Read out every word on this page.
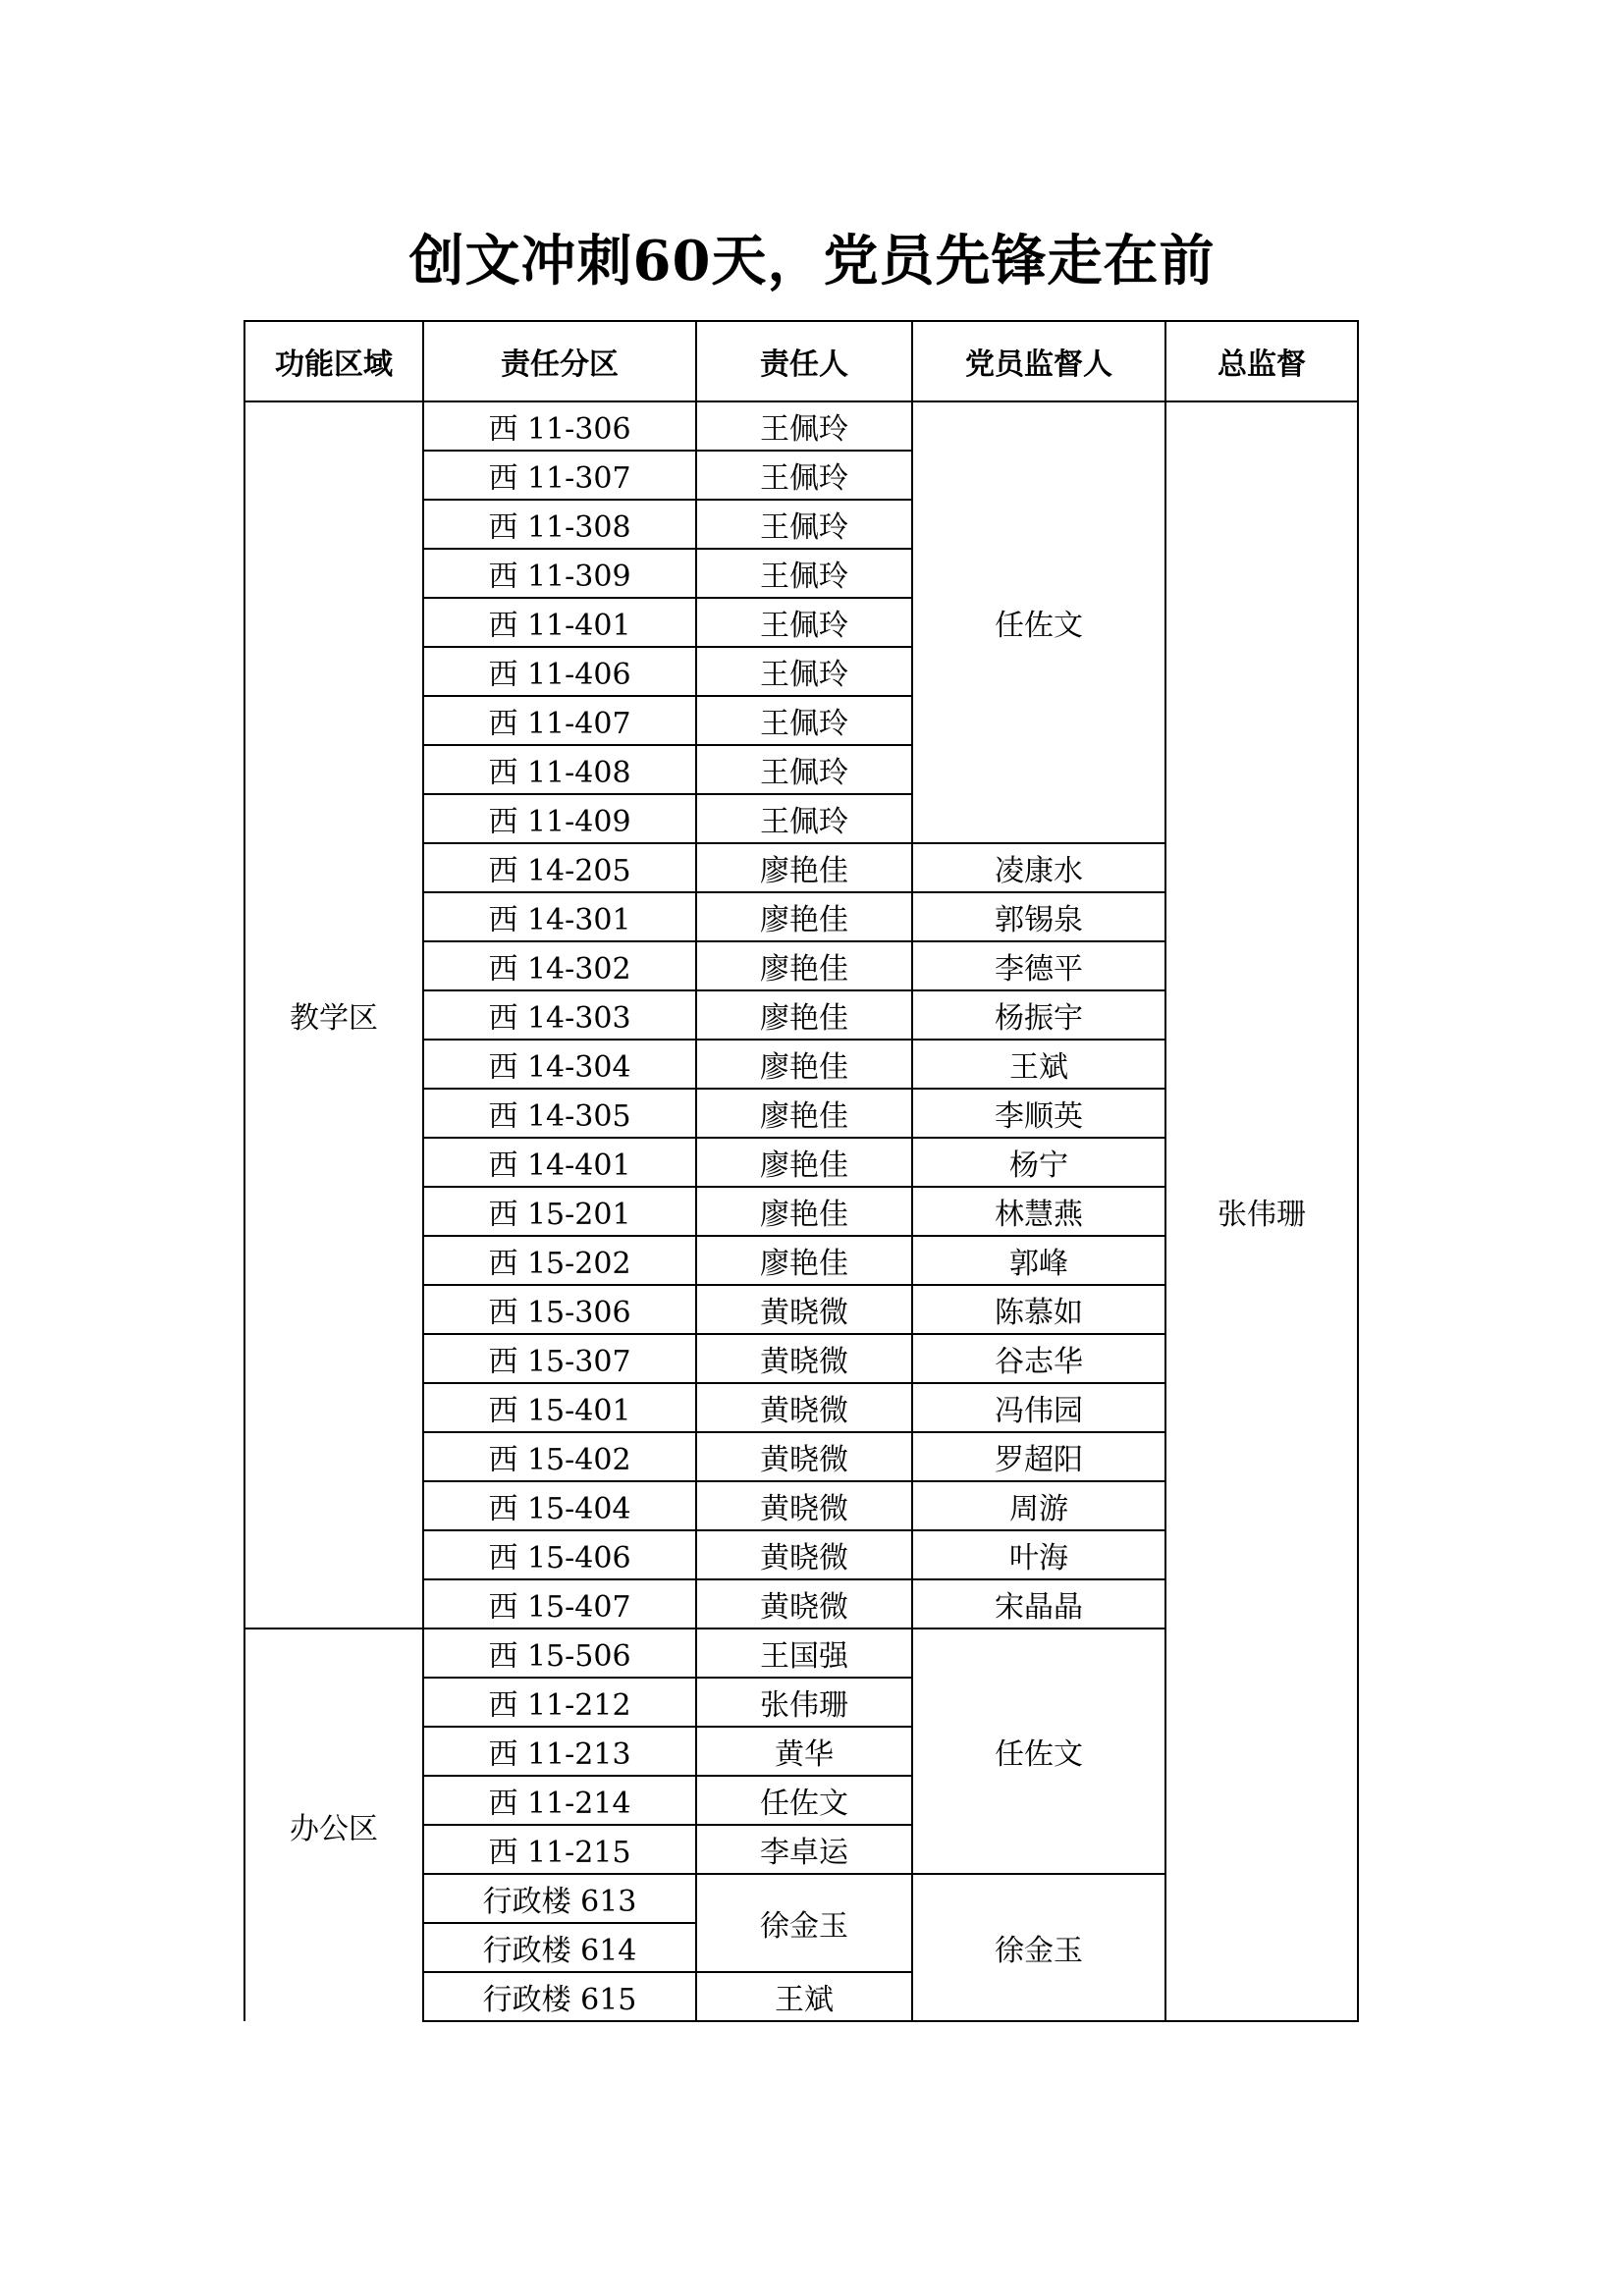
创文冲刺60天，党员先锋走在前
功能区域	责任分区	责任人	党员监督人	总监督
教学区	西 11-306	王佩玲	任佐文	张伟珊
	西 11-307	王佩玲		
	西 11-308	王佩玲		
	西 11-309	王佩玲		
	西 11-401	王佩玲		
	西 11-406	王佩玲		
	西 11-407	王佩玲		
	西 11-408	王佩玲		
	西 11-409	王佩玲		
	西 14-205	廖艳佳	凌康水	
	西 14-301	廖艳佳	郭锡泉	
	西 14-302	廖艳佳	李德平	
	西 14-303	廖艳佳	杨振宇	
	西 14-304	廖艳佳	王斌	
	西 14-305	廖艳佳	李顺英	
	西 14-401	廖艳佳	杨宁	
	西 15-201	廖艳佳	林慧燕	
	西 15-202	廖艳佳	郭峰	
	西 15-306	黄晓微	陈慕如	
	西 15-307	黄晓微	谷志华	
	西 15-401	黄晓微	冯伟园	
	西 15-402	黄晓微	罗超阳	
	西 15-404	黄晓微	周游	
	西 15-406	黄晓微	叶海	
	西 15-407	黄晓微	宋晶晶	
办公区	西 15-506	王国强	任佐文	
	西 11-212	张伟珊		
	西 11-213	黄华		
	西 11-214	任佐文		
	西 11-215	李卓运		
	行政楼 613	徐金玉	徐金玉	
	行政楼 614			
	行政楼 615	王斌		
